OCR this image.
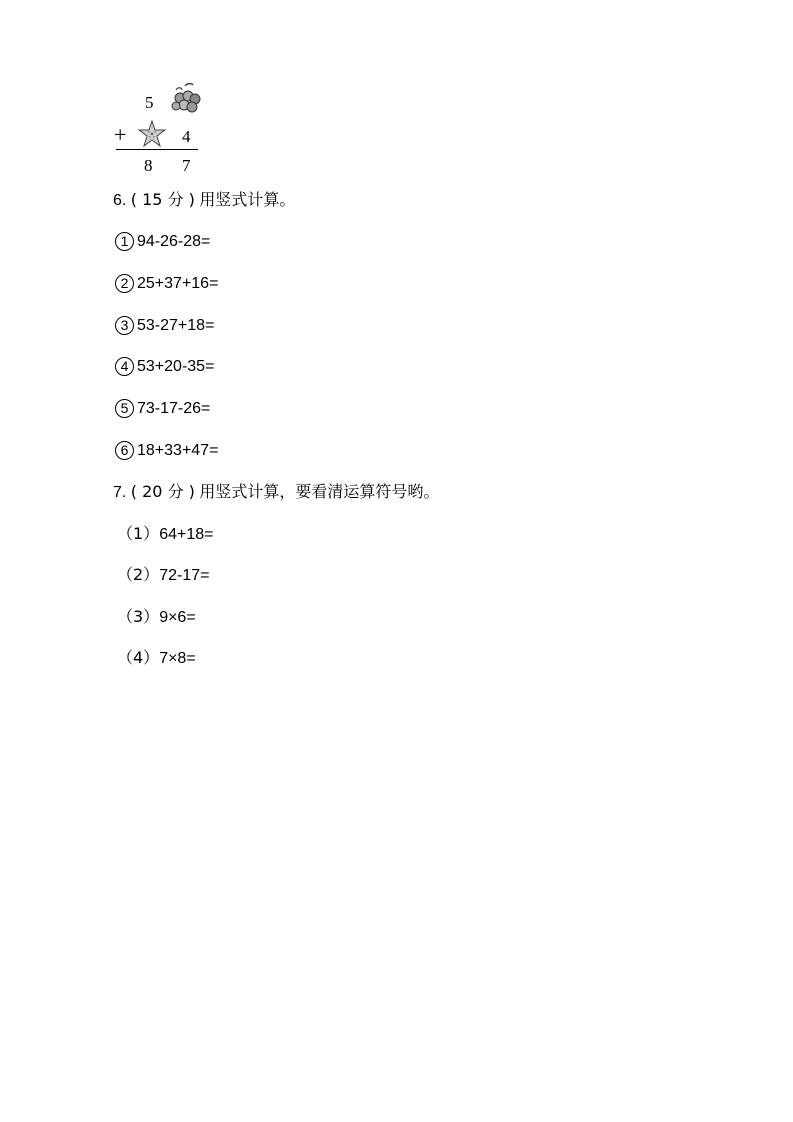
5
+	4
8 7
6. ( 15 分 ) 用竖式计算。
1 94-26-28=
2 25+37+16=
3 53-27+18=
4 53+20-35=
5 73-17-26=
6 18+33+47=
7. ( 20 分 ) 用竖式计算，要看清运算符号哟。
（1）64+18=
（2）72-17=
（3）9×6=
（4）7×8=
